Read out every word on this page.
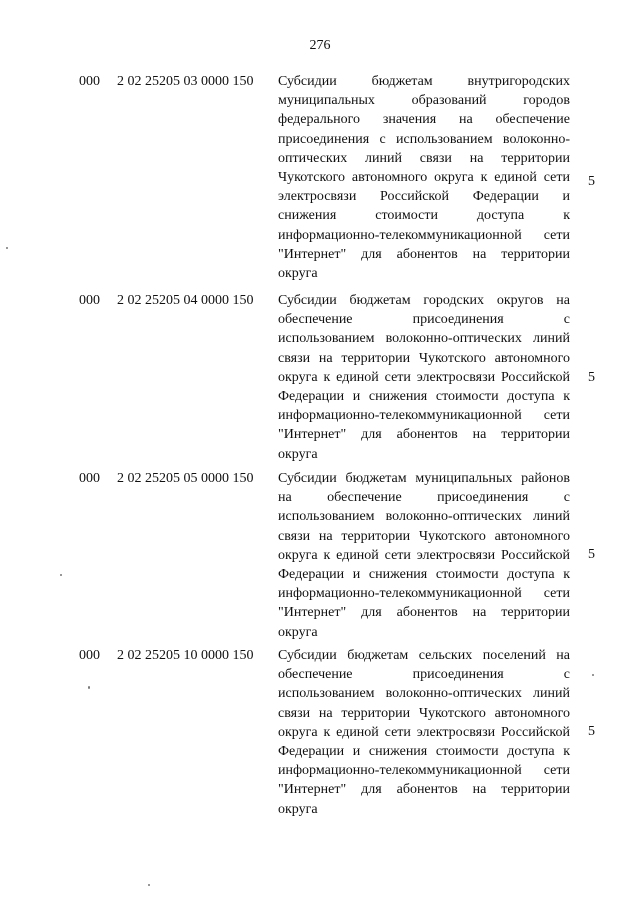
276
000 2 02 25205 03 0000 150 Субсидии бюджетам внутригородских
муниципальных образований городов
федерального значения на обеспечение
присоединения с использованием волоконно-
оптических линий связи на территории
Чукотского автономного округа к единой сети
электросвязи Российской Федерации и
снижения стоимости доступа к
информационно-телекоммуникационной сети
"Интернет" для абонентов на территории
округа
5
000 2 02 25205 04 0000 150 Субсидии бюджетам городских округов на
обеспечение присоединения с
использованием волоконно-оптических линий
связи на территории Чукотского автономного
округа к единой сети электросвязи Российской
Федерации и снижения стоимости доступа к
информационно-телекоммуникационной сети
"Интернет" для абонентов на территории
округа
5
000 2 02 25205 05 0000 150 Субсидии бюджетам муниципальных районов
на обеспечение присоединения с
использованием волоконно-оптических линий
связи на территории Чукотского автономного
округа к единой сети электросвязи Российской
Федерации и снижения стоимости доступа к
информационно-телекоммуникационной сети
"Интернет" для абонентов на территории
округа
5
000 2 02 25205 10 0000 150 Субсидии бюджетам сельских поселений на
обеспечение присоединения с
использованием волоконно-оптических линий
связи на территории Чукотского автономного
округа к единой сети электросвязи Российской
Федерации и снижения стоимости доступа к
информационно-телекоммуникационной сети
"Интернет" для абонентов на территории
округа
5
